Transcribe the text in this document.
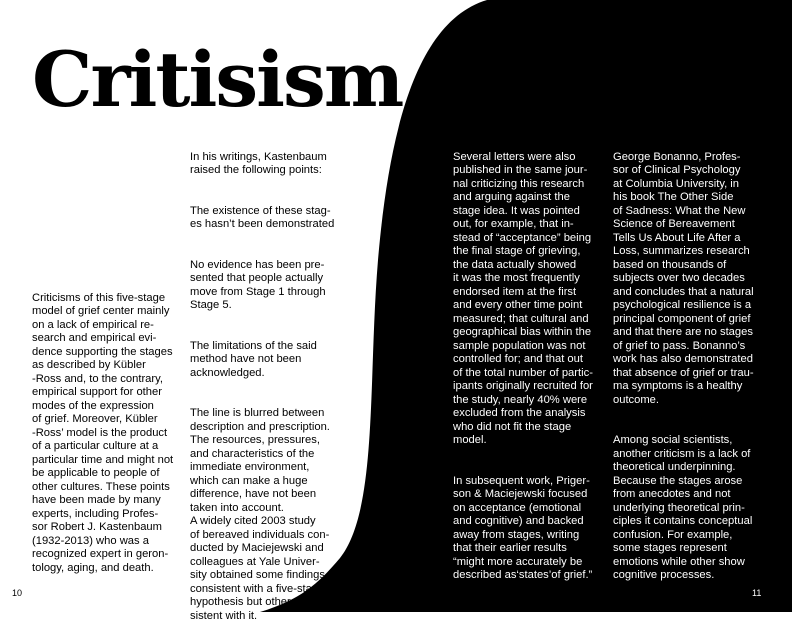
Critisism

Criticisms of this five-stage
model of grief center mainly
on a lack of empirical re-
search and empirical evi-
dence supporting the stages
as described by Kübler
-Ross and, to the contrary,
empirical support for other
modes of the expression
of grief. Moreover, Kübler
-Ross’ model is the product
of a particular culture at a
particular time and might not
be applicable to people of
other cultures. These points
have been made by many
experts, including Profes-
sor Robert J. Kastenbaum
(1932-2013) who was a
recognized expert in geron-
tology, aging, and death.

In his writings, Kastenbaum
raised the following points:

The existence of these stag-
es hasn’t been demonstrated

No evidence has been pre-
sented that people actually
move from Stage 1 through
Stage 5.

The limitations of the said
method have not been
acknowledged.

The line is blurred between
description and prescription.
The resources, pressures,
and characteristics of the
immediate environment,
which can make a huge
difference, have not been
taken into account.
A widely cited 2003 study
of bereaved individuals con-
ducted by Maciejewski and
colleagues at Yale Univer-
sity obtained some findings
consistent with a five-stage
hypothesis but others incon-
sistent with it.

Several letters were also
published in the same jour-
nal criticizing this research
and arguing against the
stage idea. It was pointed
out, for example, that in-
stead of “acceptance” being
the final stage of grieving,
the data actually showed
it was the most frequently
endorsed item at the first
and every other time point
measured; that cultural and
geographical bias within the
sample population was not
controlled for; and that out
of the total number of partic-
ipants originally recruited for
the study, nearly 40% were
excluded from the analysis
who did not fit the stage
model.

In subsequent work, Priger-
son & Maciejewski focused
on acceptance (emotional
and cognitive) and backed
away from stages, writing
that their earlier results
“might more accurately be
described as‘states’of grief.”

George Bonanno, Profes-
sor of Clinical Psychology
at Columbia University, in
his book The Other Side
of Sadness: What the New
Science of Bereavement
Tells Us About Life After a
Loss, summarizes research
based on thousands of
subjects over two decades
and concludes that a natural
psychological resilience is a
principal component of grief
and that there are no stages
of grief to pass. Bonanno’s
work has also demonstrated
that absence of grief or trau-
ma symptoms is a healthy
outcome.

Among social scientists,
another criticism is a lack of
theoretical underpinning.
Because the stages arose
from anecdotes and not
underlying theoretical prin-
ciples it contains conceptual
confusion. For example,
some stages represent
emotions while other show
cognitive processes.

10	11
